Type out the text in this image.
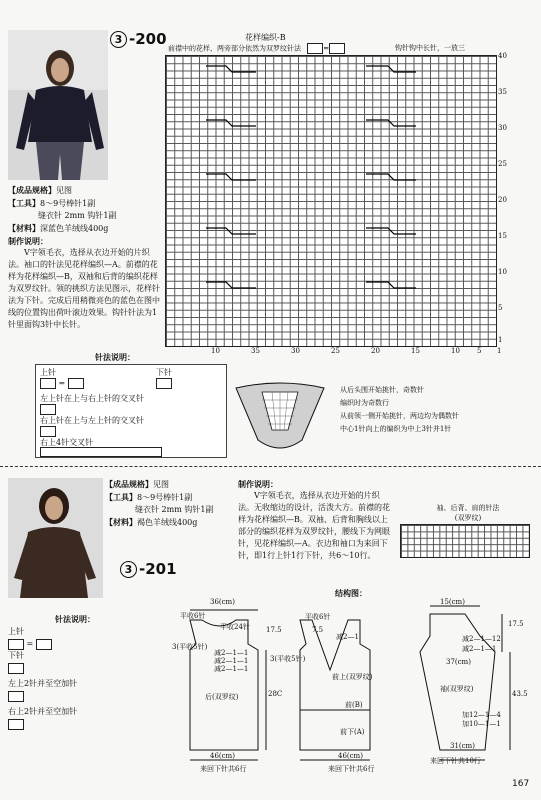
3 -200	花样编织-B
前襟中的花样，两旁部分依然为双罗纹针法	=	钩针钩中长针，一放三
40
35
30
25
20
15
10
5
1
10	35	30	25	20	15	10 5 1

【成品规格】见图

【工具】8～9号棒针1副

缝衣针 2mm 钩针1副

【材料】深蓝色羊绒线400g

制作说明：

V字领毛衣，选择从衣边开始的片织法。袖口的针法见花样编织—A。前襟的花样为花样编织—B，双袖和后背的编织花样为双罗纹针。领的挑织方法见图示，花样针法为下针。完成后用稍微亮色的蓝色在图中线的位置钩出荷叶滚边效果。钩针针法为1针里面钩3针中长针。

针法说明：
上针
=
下针
左上针在上与右上针的交叉针
右上针在上与左上针的交叉针
右上4针交叉针
从后头围开始挑针，奇数针
编织时为奇数行
从前领一侧开始挑针，两边均为偶数针
中心1针向上的编织为中上3针并1针

【成品规格】见图

【工具】8～9号棒针1副

缝衣针 2mm 钩针1副

【材料】褐色羊绒线400g

3 -201

制作说明：

V字领毛衣，选择从衣边开始的片织法。无收缩边的设计，活泼大方。前襟的花样为花样编织—B。双袖、后背和胸线以上部分的编织花样为双罗纹针，腰线下为网眼针，见花样编织—A。衣边和袖口为来回下针，即1行上针1行下针，共6～10行。

袖、后背、肩的针法
(双罗纹)
结构图：
针法说明：
上针
=
下针
左上2针并至空加针
右上2针并至空加针
36(cm)
平收6针
平收24针
减2—1—1
减2—1—1
减2—1—1
3(平收5针)
后(双罗纹)	28C
46(cm)
来回下针共6行
平收6针
7.5
减2—1
3(平收5针)
前上(双罗纹)
前(B)
前下(A)
46(cm)
来回下针共6行
17.5
15(cm)
17.5
减2—1—12
减2—1—1
37(cm)
袖(双罗纹)
加12—1—4
加10—1—1
43.5
31(cm)
来回下针共10行
167
